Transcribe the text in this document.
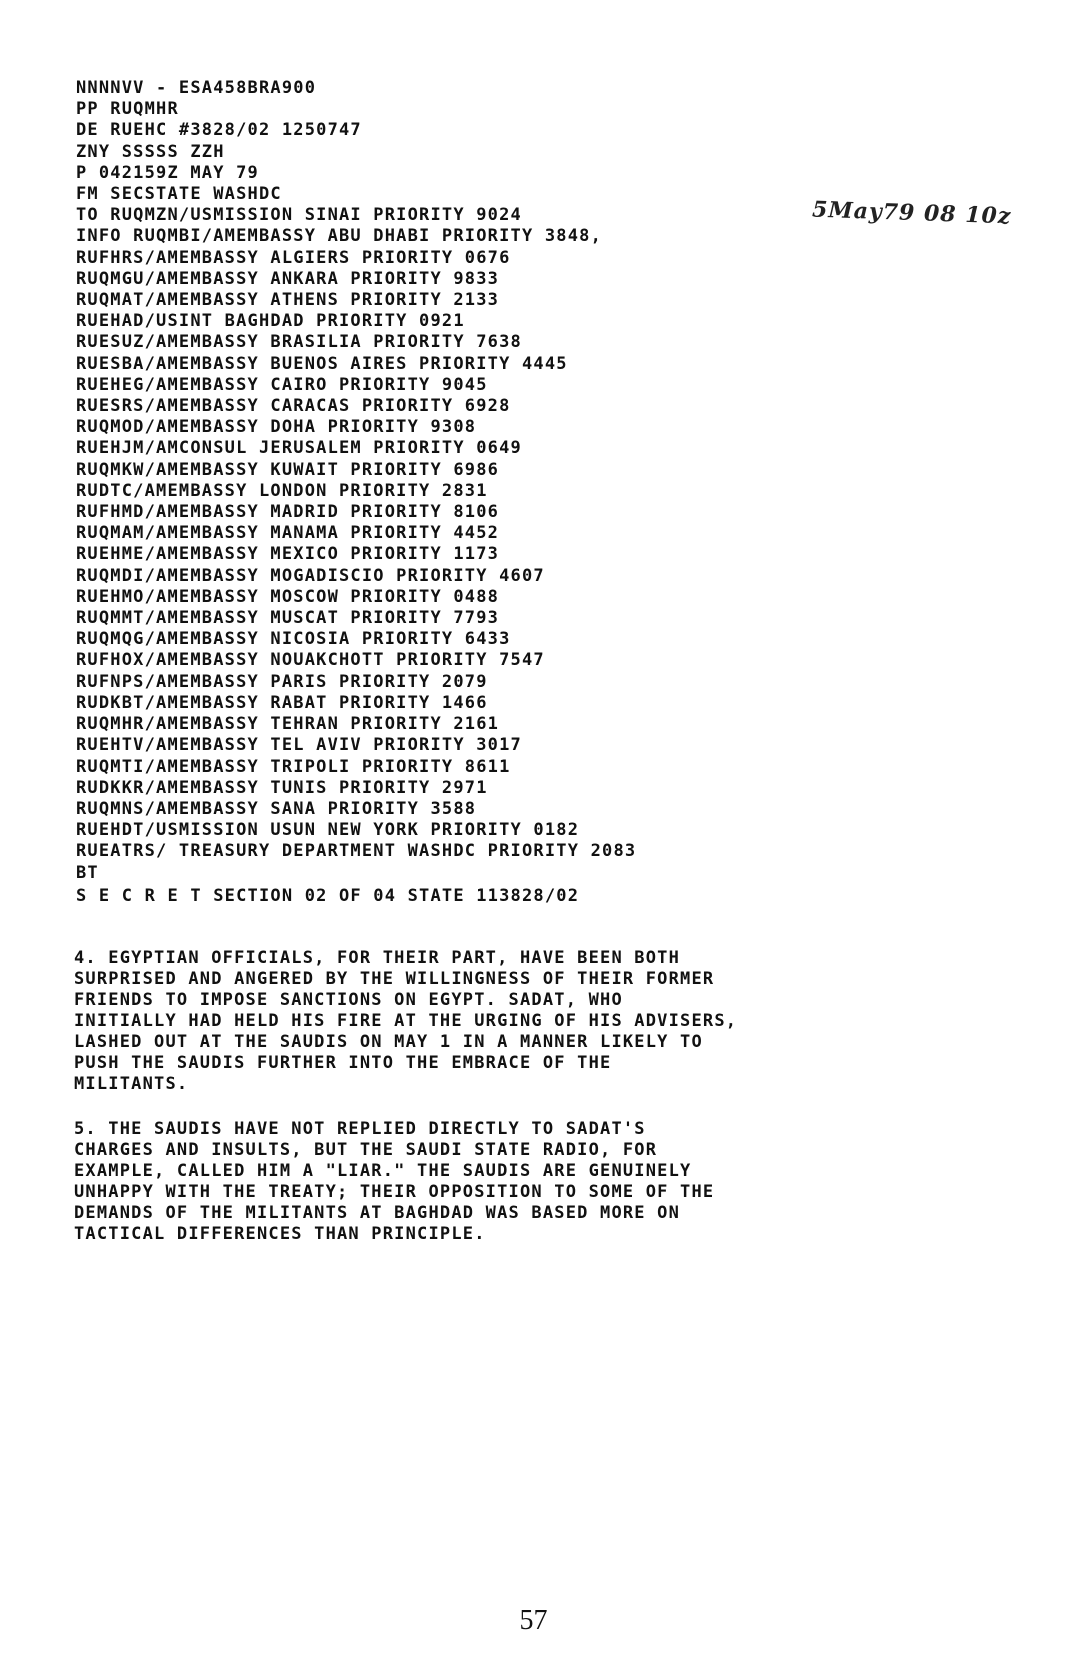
NNNNVV - ESA458BRA900
PP RUQMHR
DE RUEHC #3828/02 1250747
ZNY SSSSS ZZH
P 042159Z MAY 79
FM SECSTATE WASHDC
TO RUQMZN/USMISSION SINAI PRIORITY 9024
INFO RUQMBI/AMEMBASSY ABU DHABI PRIORITY 3848,
RUFHRS/AMEMBASSY ALGIERS PRIORITY 0676
RUQMGU/AMEMBASSY ANKARA PRIORITY 9833
RUQMAT/AMEMBASSY ATHENS PRIORITY 2133
RUEHAD/USINT BAGHDAD PRIORITY 0921
RUESUZ/AMEMBASSY BRASILIA PRIORITY 7638
RUESBA/AMEMBASSY BUENOS AIRES PRIORITY 4445
RUEHEG/AMEMBASSY CAIRO PRIORITY 9045
RUESRS/AMEMBASSY CARACAS PRIORITY 6928
RUQMOD/AMEMBASSY DOHA PRIORITY 9308
RUEHJM/AMCONSUL JERUSALEM PRIORITY 0649
RUQMKW/AMEMBASSY KUWAIT PRIORITY 6986
RUDTC/AMEMBASSY LONDON PRIORITY 2831
RUFHMD/AMEMBASSY MADRID PRIORITY 8106
RUQMAM/AMEMBASSY MANAMA PRIORITY 4452
RUEHME/AMEMBASSY MEXICO PRIORITY 1173
RUQMDI/AMEMBASSY MOGADISCIO PRIORITY 4607
RUEHMO/AMEMBASSY MOSCOW PRIORITY 0488
RUQMMT/AMEMBASSY MUSCAT PRIORITY 7793
RUQMQG/AMEMBASSY NICOSIA PRIORITY 6433
RUFHOX/AMEMBASSY NOUAKCHOTT PRIORITY 7547
RUFNPS/AMEMBASSY PARIS PRIORITY 2079
RUDKBT/AMEMBASSY RABAT PRIORITY 1466
RUQMHR/AMEMBASSY TEHRAN PRIORITY 2161
RUEHTV/AMEMBASSY TEL AVIV PRIORITY 3017
RUQMTI/AMEMBASSY TRIPOLI PRIORITY 8611
RUDKKR/AMEMBASSY TUNIS PRIORITY 2971
RUQMNS/AMEMBASSY SANA PRIORITY 3588
RUEHDT/USMISSION USUN NEW YORK PRIORITY 0182
RUEATRS/ TREASURY DEPARTMENT WASHDC PRIORITY 2083
BT
S E C R E T SECTION 02 OF 04 STATE 113828/02
5May79 08 10z

4. EGYPTIAN OFFICIALS, FOR THEIR PART, HAVE BEEN BOTH
SURPRISED AND ANGERED BY THE WILLINGNESS OF THEIR FORMER
FRIENDS TO IMPOSE SANCTIONS ON EGYPT. SADAT, WHO
INITIALLY HAD HELD HIS FIRE AT THE URGING OF HIS ADVISERS,
LASHED OUT AT THE SAUDIS ON MAY 1 IN A MANNER LIKELY TO
PUSH THE SAUDIS FURTHER INTO THE EMBRACE OF THE
MILITANTS.

5. THE SAUDIS HAVE NOT REPLIED DIRECTLY TO SADAT'S
CHARGES AND INSULTS, BUT THE SAUDI STATE RADIO, FOR
EXAMPLE, CALLED HIM A "LIAR." THE SAUDIS ARE GENUINELY
UNHAPPY WITH THE TREATY; THEIR OPPOSITION TO SOME OF THE
DEMANDS OF THE MILITANTS AT BAGHDAD WAS BASED MORE ON
TACTICAL DIFFERENCES THAN PRINCIPLE.

57
